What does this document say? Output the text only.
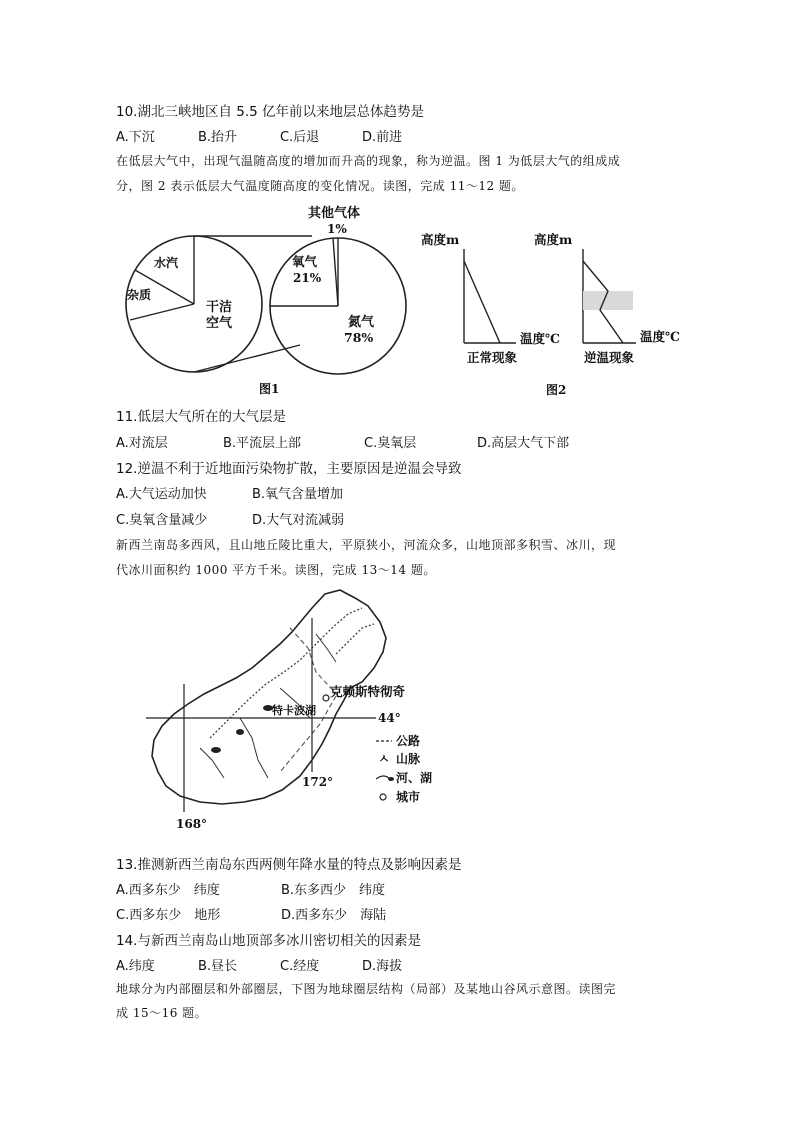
10.湖北三峡地区自 5.5 亿年前以来地层总体趋势是
A.下沉	B.抬升	C.后退	D.前进
在低层大气中，出现气温随高度的增加而升高的现象，称为逆温。图 1 为低层大气的组成成
分，图 2 表示低层大气温度随高度的变化情况。读图，完成 11～12 题。
水汽
杂质
干洁
空气
其他气体
1%
氧气
21%
氮气
78%
图1
高度m
温度℃
正常现象
高度m
温度℃
逆温现象
图2
11.低层大气所在的大气层是
A.对流层	B.平流层上部	C.臭氧层	D.高层大气下部
12.逆温不利于近地面污染物扩散，主要原因是逆温会导致
A.大气运动加快	B.氧气含量增加
C.臭氧含量减少	D.大气对流减弱
新西兰南岛多西风，且山地丘陵比重大，平原狭小，河流众多，山地顶部多积雪、冰川，现
代冰川面积约 1000 平方千米。读图，完成 13～14 题。
44°
172°
168°
克赖斯特彻奇
特卡波湖
公路
ㅅ 山脉
河、湖
城市
13.推测新西兰南岛东西两侧年降水量的特点及影响因素是
A.西多东少　纬度	B.东多西少　纬度
C.西多东少　地形	D.西多东少　海陆
14.与新西兰南岛山地顶部多冰川密切相关的因素是
A.纬度	B.昼长	C.经度	D.海拔
地球分为内部圈层和外部圈层，下图为地球圈层结构（局部）及某地山谷风示意图。读图完
成 15～16 题。
